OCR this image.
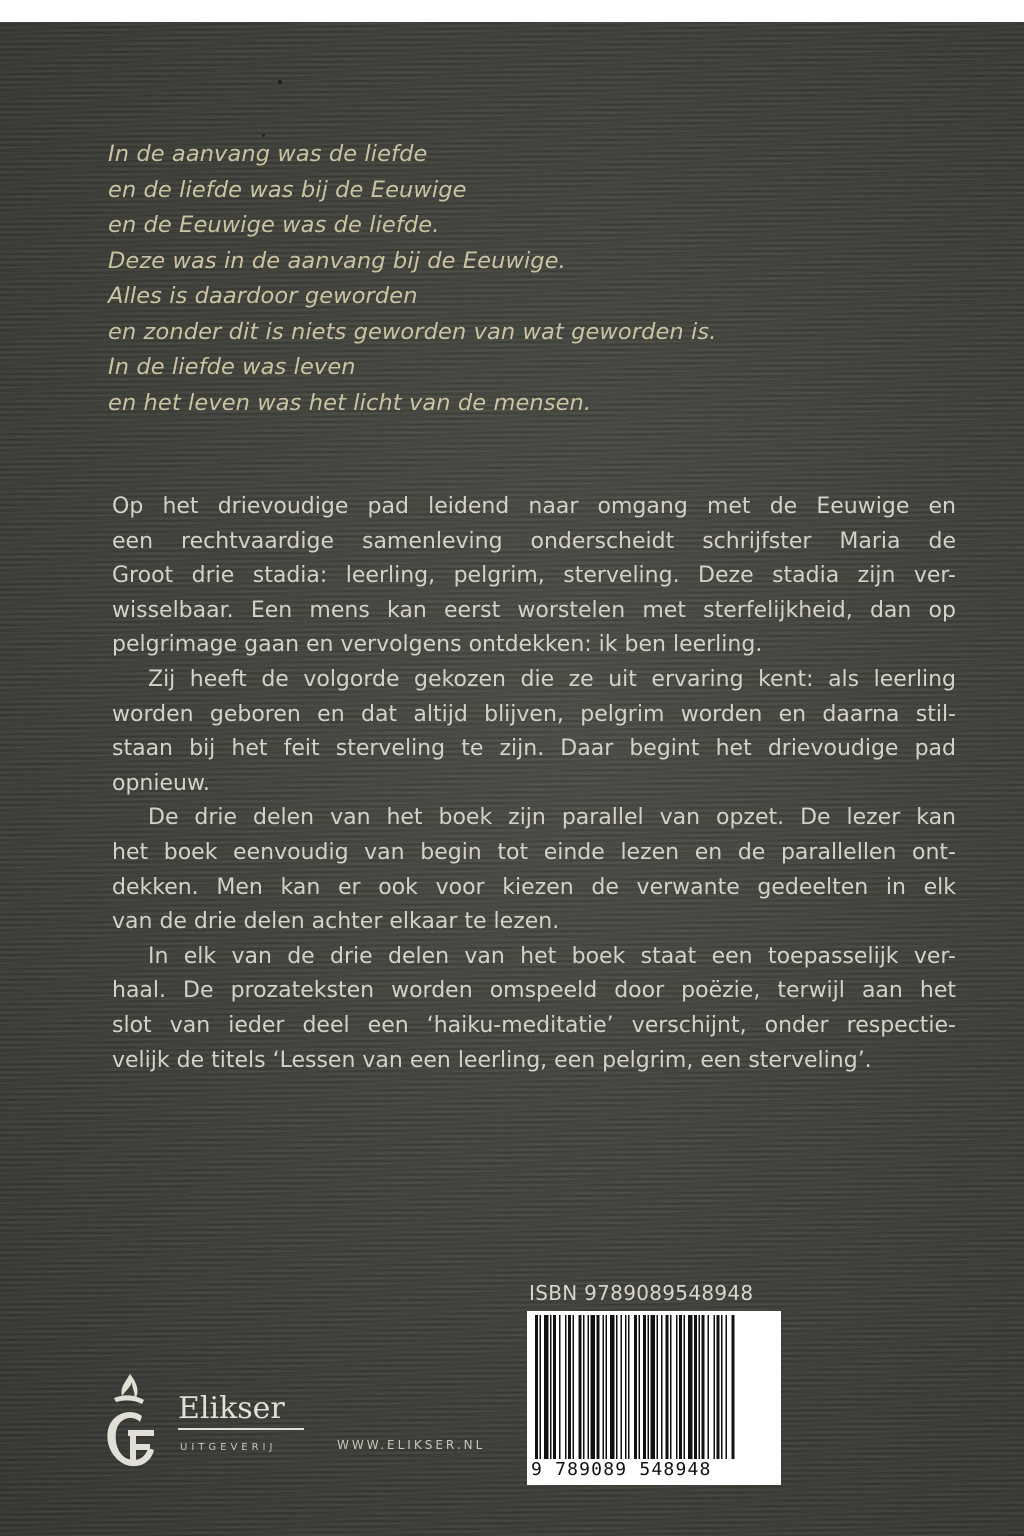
In de aanvang was de liefde
en de liefde was bij de Eeuwige
en de Eeuwige was de liefde.
Deze was in de aanvang bij de Eeuwige.
Alles is daardoor geworden
en zonder dit is niets geworden van wat geworden is.
In de liefde was leven
en het leven was het licht van de mensen.
Op het drievoudige pad leidend naar omgang met de Eeuwige en
een rechtvaardige samenleving onderscheidt schrijfster Maria de
Groot drie stadia: leerling, pelgrim, sterveling. Deze stadia zijn ver-
wisselbaar. Een mens kan eerst worstelen met sterfelijkheid, dan op
pelgrimage gaan en vervolgens ontdekken: ik ben leerling.
Zij heeft de volgorde gekozen die ze uit ervaring kent: als leerling
worden geboren en dat altijd blijven, pelgrim worden en daarna stil-
staan bij het feit sterveling te zijn. Daar begint het drievoudige pad
opnieuw.
De drie delen van het boek zijn parallel van opzet. De lezer kan
het boek eenvoudig van begin tot einde lezen en de parallellen ont-
dekken. Men kan er ook voor kiezen de verwante gedeelten in elk
van de drie delen achter elkaar te lezen.
In elk van de drie delen van het boek staat een toepasselijk ver-
haal. De prozateksten worden omspeeld door poëzie, terwijl aan het
slot van ieder deel een ‘haiku-meditatie’ verschijnt, onder respectie-
velijk de titels ‘Lessen van een leerling, een pelgrim, een sterveling’.
ISBN 9789089548948
9 789089 548948
Elikser
UITGEVERIJ	WWW.ELIKSER.NL
